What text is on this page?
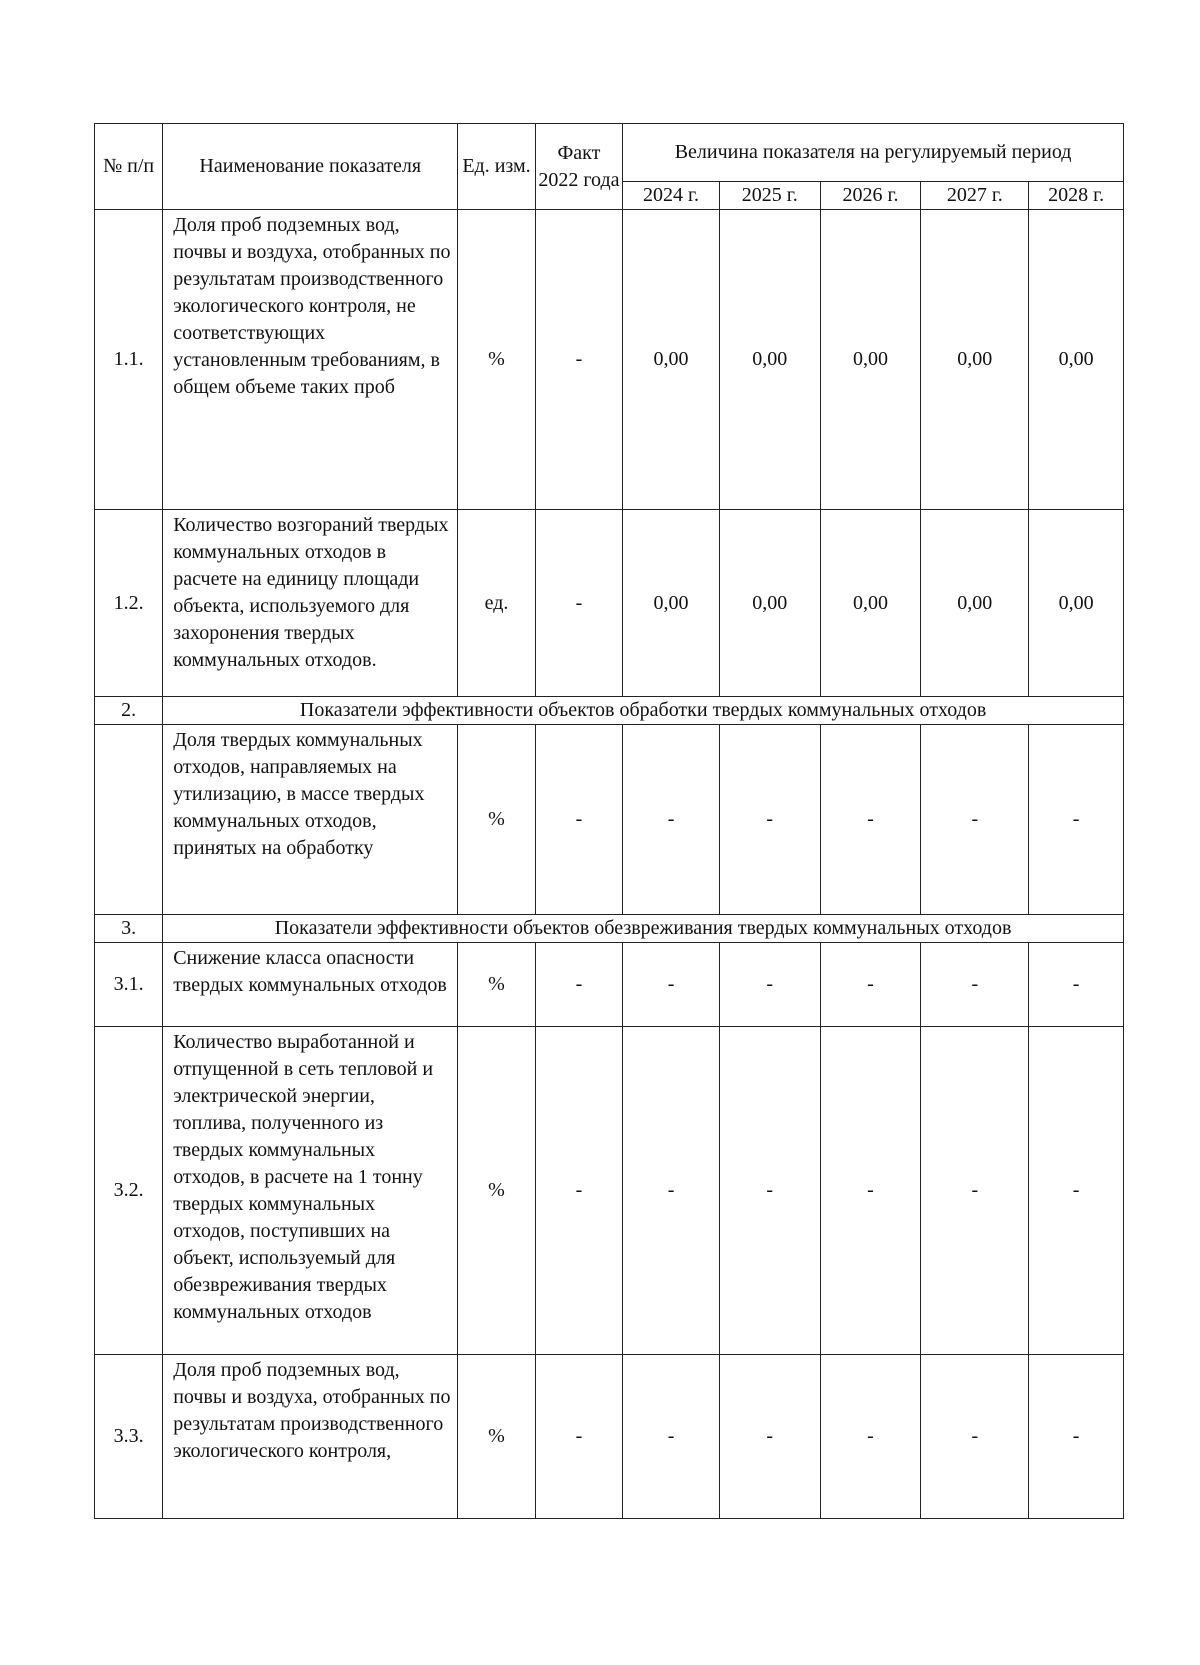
№ п/п	Наименование показателя	Ед. изм.	Факт 2022 года	Величина показателя на регулируемый период				
				2024 г.	2025 г.	2026 г.	2027 г.	2028 г.
1.1.	Доля проб подземных вод, почвы и воздуха, отобранных по результатам производственного экологического контроля, не соответствующих установленным требованиям, в общем объеме таких проб	%	-	0,00	0,00	0,00	0,00	0,00
1.2.	Количество возгораний твердых коммунальных отходов в расчете на единицу площади объекта, используемого для захоронения твердых коммунальных отходов.	ед.	-	0,00	0,00	0,00	0,00	0,00
2.	Показатели эффективности объектов обработки твердых коммунальных отходов							
	Доля твердых коммунальных отходов, направляемых на утилизацию, в массе твердых коммунальных отходов, принятых на обработку	%	-	-	-	-	-	-
3.	Показатели эффективности объектов обезвреживания твердых коммунальных отходов							
3.1.	Снижение класса опасности твердых коммунальных отходов	%	-	-	-	-	-	-
3.2.	Количество выработанной и отпущенной в сеть тепловой и электрической энергии, топлива, полученного из твердых коммунальных отходов, в расчете на 1 тонну твердых коммунальных отходов, поступивших на объект, используемый для обезвреживания твердых коммунальных отходов	%	-	-	-	-	-	-
3.3.	Доля проб подземных вод, почвы и воздуха, отобранных по результатам производственного экологического контроля,	%	-	-	-	-	-	-
